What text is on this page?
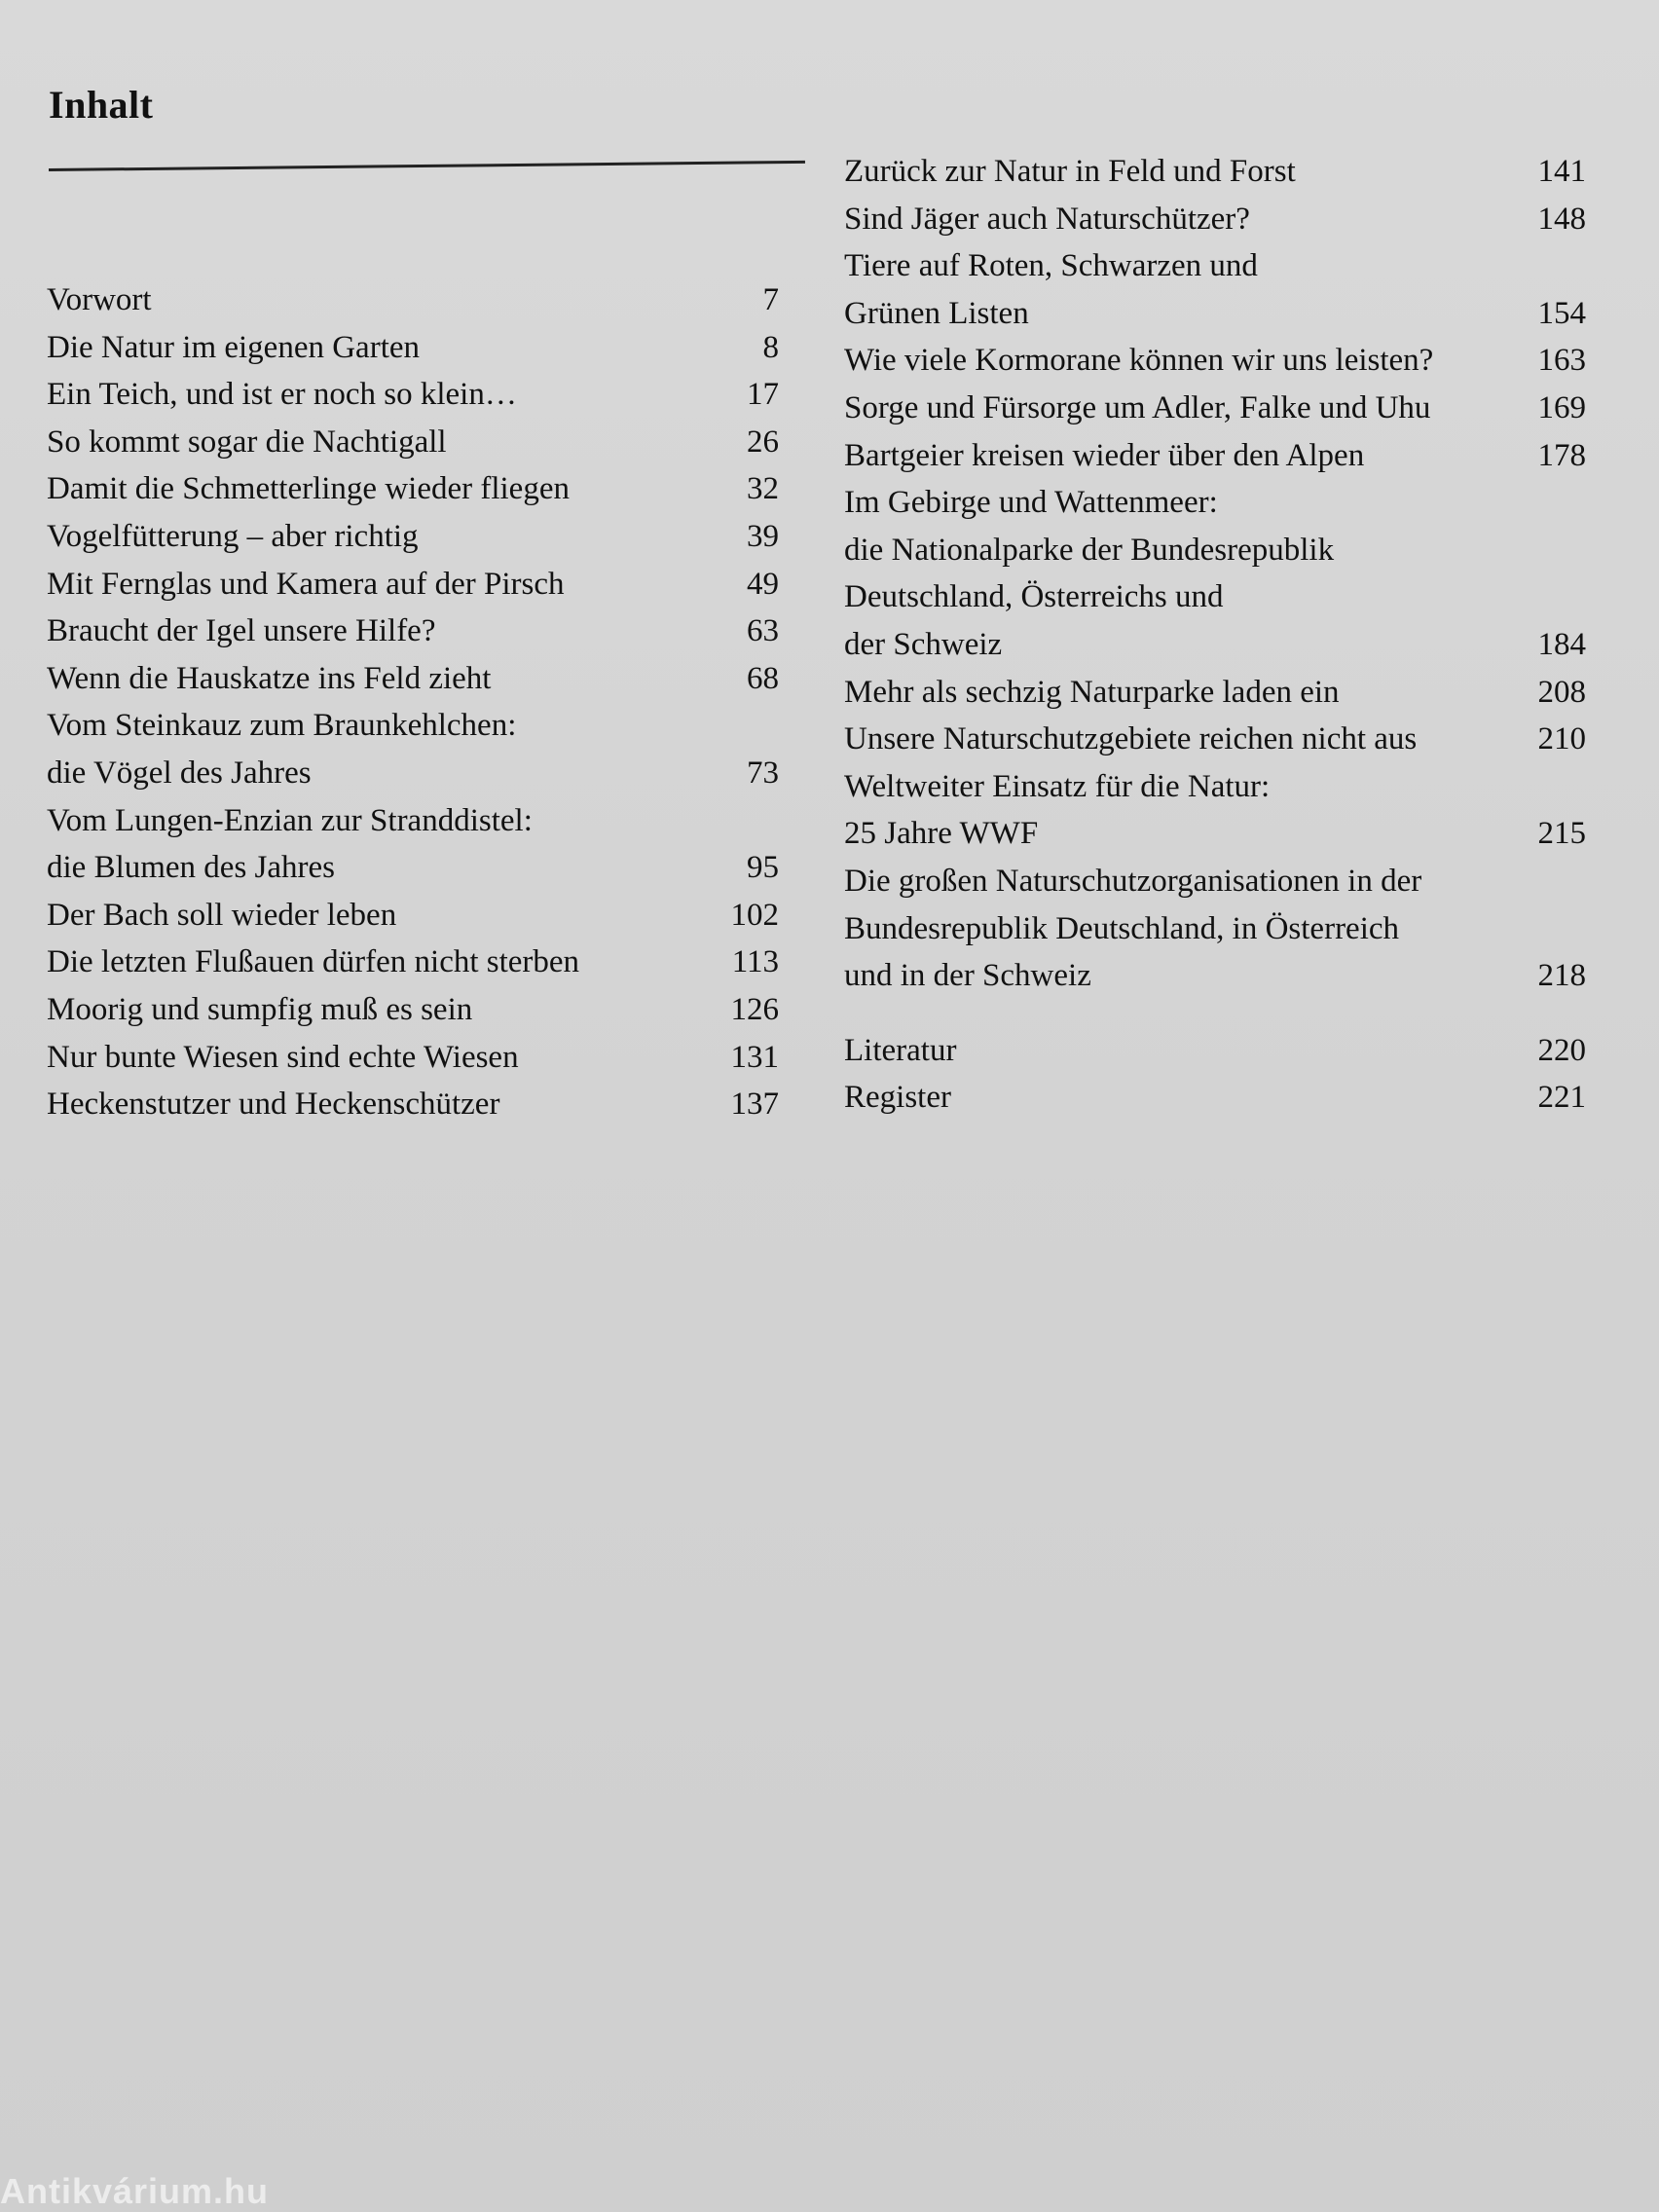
Inhalt
Vorwort	7
Die Natur im eigenen Garten	8
Ein Teich, und ist er noch so klein…	17
So kommt sogar die Nachtigall	26
Damit die Schmetterlinge wieder fliegen	32
Vogelfütterung – aber richtig	39
Mit Fernglas und Kamera auf der Pirsch	49
Braucht der Igel unsere Hilfe?	63
Wenn die Hauskatze ins Feld zieht	68
Vom Steinkauz zum Braunkehlchen:
die Vögel des Jahres	73
Vom Lungen-Enzian zur Stranddistel:
die Blumen des Jahres	95
Der Bach soll wieder leben	102
Die letzten Flußauen dürfen nicht sterben	113
Moorig und sumpfig muß es sein	126
Nur bunte Wiesen sind echte Wiesen	131
Heckenstutzer und Heckenschützer	137
Zurück zur Natur in Feld und Forst	141
Sind Jäger auch Naturschützer?	148
Tiere auf Roten, Schwarzen und
Grünen Listen	154
Wie viele Kormorane können wir uns leisten?	163
Sorge und Fürsorge um Adler, Falke und Uhu	169
Bartgeier kreisen wieder über den Alpen	178
Im Gebirge und Wattenmeer:
die Nationalparke der Bundesrepublik
Deutschland, Österreichs und
der Schweiz	184
Mehr als sechzig Naturparke laden ein	208
Unsere Naturschutzgebiete reichen nicht aus	210
Weltweiter Einsatz für die Natur:
25 Jahre WWF	215
Die großen Naturschutzorganisationen in der
Bundesrepublik Deutschland, in Österreich
und in der Schweiz	218
Literatur	220
Register	221
Antikvárium.hu
